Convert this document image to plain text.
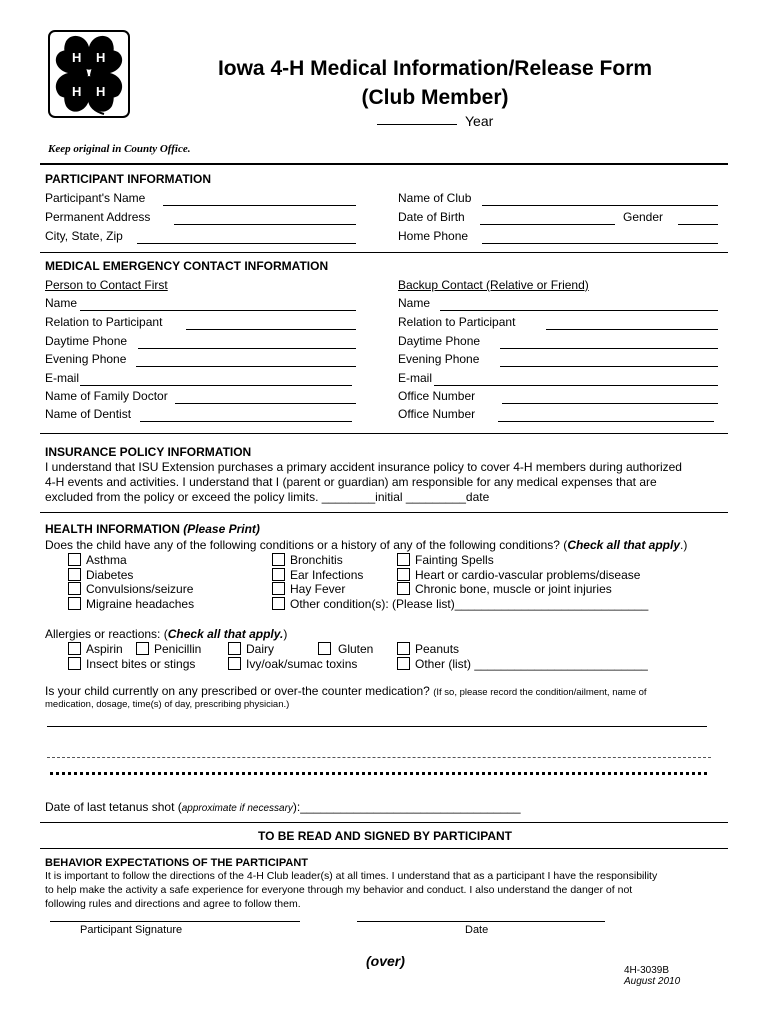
H H
H H
Iowa 4-H Medical Information/Release Form
(Club Member)
Year
Keep original in County Office.
PARTICIPANT INFORMATION
Participant's Name
Permanent Address
City, State, Zip
Name of Club
Date of Birth	Gender
Home Phone
MEDICAL EMERGENCY CONTACT INFORMATION
Person to Contact First	Backup Contact (Relative or Friend)
Name
Relation to Participant
Daytime Phone
Evening Phone
E-mail
Name of Family Doctor
Name of Dentist
Name
Relation to Participant
Daytime Phone
Evening Phone
E-mail
Office Number
Office Number
INSURANCE POLICY INFORMATION
I understand that ISU Extension purchases a primary accident insurance policy to cover 4-H members during authorized
4-H events and activities. I understand that I (parent or guardian) am responsible for any medical expenses that are
excluded from the policy or exceed the policy limits. ________initial _________date
HEALTH INFORMATION (Please Print)
Does the child have any of the following conditions or a history of any of the following conditions? (Check all that apply.)
Asthma
Diabetes
Convulsions/seizure
Migraine headaches
Bronchitis
Ear Infections
Hay Fever
Other condition(s): (Please list)_____________________________
Fainting Spells
Heart or cardio-vascular problems/disease
Chronic bone, muscle or joint injuries
Allergies or reactions: (Check all that apply.)
Aspirin	Penicillin	Dairy	Gluten	Peanuts
Insect bites or stings	Ivy/oak/sumac toxins	Other (list) __________________________
Is your child currently on any prescribed or over-the counter medication? (If so, please record the condition/ailment, name of
medication, dosage, time(s) of day, prescribing physician.)
Date of last tetanus shot (approximate if necessary):_________________________________
TO BE READ AND SIGNED BY PARTICIPANT
BEHAVIOR EXPECTATIONS OF THE PARTICIPANT
It is important to follow the directions of the 4-H Club leader(s) at all times. I understand that as a participant I have the responsibility
to help make the activity a safe experience for everyone through my behavior and conduct. I also understand the danger of not
following rules and directions and agree to follow them.
Participant Signature	Date
(over)
4H-3039B
August 2010
